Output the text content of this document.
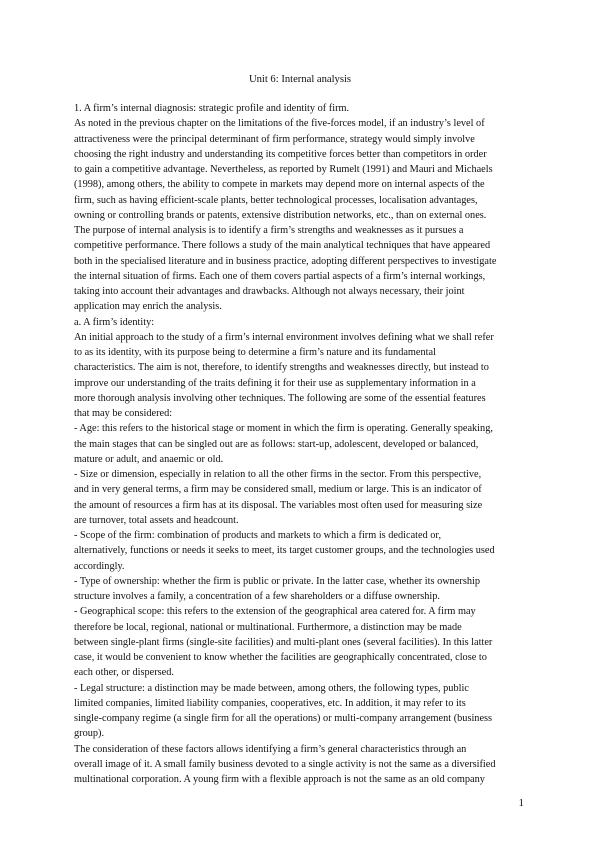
Unit 6: Internal analysis
1. A firm’s internal diagnosis: strategic profile and identity of firm.
As noted in the previous chapter on the limitations of the five-forces model, if an industry’s level of
attractiveness were the principal determinant of firm performance, strategy would simply involve
choosing the right industry and understanding its competitive forces better than competitors in order
to gain a competitive advantage. Nevertheless, as reported by Rumelt (1991) and Mauri and Michaels
(1998), among others, the ability to compete in markets may depend more on internal aspects of the
firm, such as having efficient-scale plants, better technological processes, localisation advantages,
owning or controlling brands or patents, extensive distribution networks, etc., than on external ones.
The purpose of internal analysis is to identify a firm’s strengths and weaknesses as it pursues a
competitive performance. There follows a study of the main analytical techniques that have appeared
both in the specialised literature and in business practice, adopting different perspectives to investigate
the internal situation of firms. Each one of them covers partial aspects of a firm’s internal workings,
taking into account their advantages and drawbacks. Although not always necessary, their joint
application may enrich the analysis.
a. A firm’s identity:
An initial approach to the study of a firm’s internal environment involves defining what we shall refer
to as its identity, with its purpose being to determine a firm’s nature and its fundamental
characteristics. The aim is not, therefore, to identify strengths and weaknesses directly, but instead to
improve our understanding of the traits defining it for their use as supplementary information in a
more thorough analysis involving other techniques. The following are some of the essential features
that may be considered:
- Age: this refers to the historical stage or moment in which the firm is operating. Generally speaking,
the main stages that can be singled out are as follows: start-up, adolescent, developed or balanced,
mature or adult, and anaemic or old.
- Size or dimension, especially in relation to all the other firms in the sector. From this perspective,
and in very general terms, a firm may be considered small, medium or large. This is an indicator of
the amount of resources a firm has at its disposal. The variables most often used for measuring size
are turnover, total assets and headcount.
- Scope of the firm: combination of products and markets to which a firm is dedicated or,
alternatively, functions or needs it seeks to meet, its target customer groups, and the technologies used
accordingly.
- Type of ownership: whether the firm is public or private. In the latter case, whether its ownership
structure involves a family, a concentration of a few shareholders or a diffuse ownership.
- Geographical scope: this refers to the extension of the geographical area catered for. A firm may
therefore be local, regional, national or multinational. Furthermore, a distinction may be made
between single-plant firms (single-site facilities) and multi-plant ones (several facilities). In this latter
case, it would be convenient to know whether the facilities are geographically concentrated, close to
each other, or dispersed.
- Legal structure: a distinction may be made between, among others, the following types, public
limited companies, limited liability companies, cooperatives, etc. In addition, it may refer to its
single-company regime (a single firm for all the operations) or multi-company arrangement (business
group).
The consideration of these factors allows identifying a firm’s general characteristics through an
overall image of it. A small family business devoted to a single activity is not the same as a diversified
multinational corporation. A young firm with a flexible approach is not the same as an old company
1
